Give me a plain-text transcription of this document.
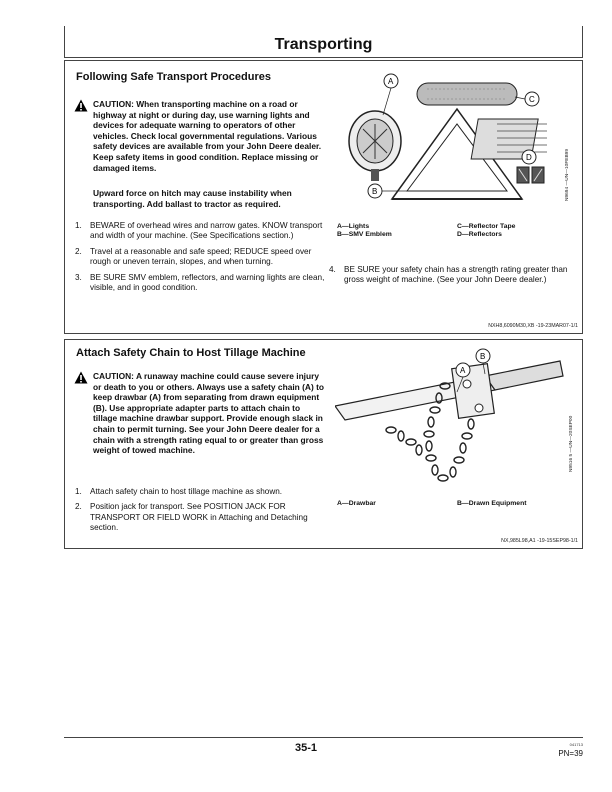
Transporting
Following Safe Transport Procedures
CAUTION: When transporting machine on a road or highway at night or during day, use warning lights and devices for adequate warning to operators of other vehicles. Check local governmental regulations. Various safety devices are available from your John Deere dealer. Keep safety items in good condition. Replace missing or damaged items.
Upward force on hitch may cause instability when transporting. Add ballast to tractor as required.
1. BEWARE of overhead wires and narrow gates. KNOW transport and width of your machine. (See Specifications section.)
2. Travel at a reasonable and safe speed; REDUCE speed over rough or uneven terrain, slopes, and when turning.
3. BE SURE SMV emblem, reflectors, and warning lights are clean, visible, and in good condition.
A
B
C
D	N9694 —UN—10FEB99
A—Lights
B—SMV Emblem
C—Reflector Tape
D—Reflectors
4. BE SURE your safety chain has a strength rating greater than gross weight of machine. (See your John Deere dealer.)
NXH8,6090M30,XB -19-23MAR07-1/1
Attach Safety Chain to Host Tillage Machine
CAUTION: A runaway machine could cause severe injury or death to you or others. Always use a safety chain (A) to keep drawbar (A) from separating from drawn equipment (B). Use appropriate adapter parts to attach chain to tillage machine drawbar support. Provide enough slack in chain to permit turning. See your John Deere dealer for a chain with a strength rating equal to or greater than gross weight of towed machine.
1. Attach safety chain to host tillage machine as shown.
2. Position jack for transport. See POSITION JACK FOR TRANSPORT OR FIELD WORK in Attaching and Detaching section.
B
A
N9516 5 —UN—20SEP00
A—Drawbar	B—Drawn Equipment
NX,985L98,A1 -19-15SEP98-1/1
35-1	041713
PN=39
